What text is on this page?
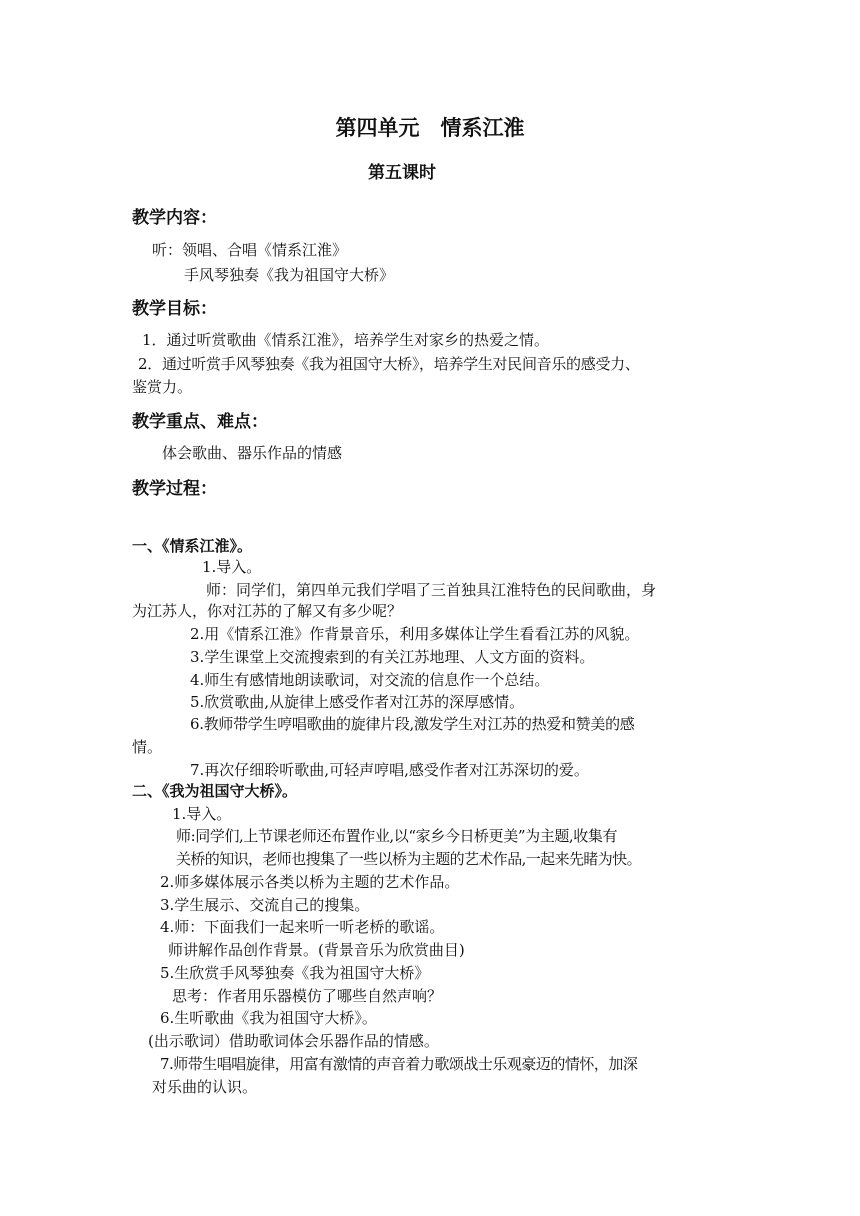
第四单元　情系江淮
第五课时
教学内容：
听：领唱、合唱《情系江淮》
手风琴独奏《我为祖国守大桥》
教学目标：
1．通过听赏歌曲《情系江淮》，培养学生对家乡的热爱之情。
2．通过听赏手风琴独奏《我为祖国守大桥》，培养学生对民间音乐的感受力、
鉴赏力。
教学重点、难点：
体会歌曲、器乐作品的情感
教学过程：
一、《情系江淮》。
1.导入。
师：同学们，第四单元我们学唱了三首独具江淮特色的民间歌曲，身
为江苏人，你对江苏的了解又有多少呢？
2.用《情系江淮》作背景音乐，利用多媒体让学生看看江苏的风貌。
3.学生课堂上交流搜索到的有关江苏地理、人文方面的资料。
4.师生有感情地朗读歌词，对交流的信息作一个总结。
5.欣赏歌曲,从旋律上感受作者对江苏的深厚感情。
6.教师带学生哼唱歌曲的旋律片段,激发学生对江苏的热爱和赞美的感
情。
7.再次仔细聆听歌曲,可轻声哼唱,感受作者对江苏深切的爱。
二、《我为祖国守大桥》。
1.导入。
师:同学们,上节课老师还布置作业,以“家乡今日桥更美”为主题,收集有
关桥的知识，老师也搜集了一些以桥为主题的艺术作品,一起来先睹为快。
2.师多媒体展示各类以桥为主题的艺术作品。
3.学生展示、交流自己的搜集。
4.师：下面我们一起来听一听老桥的歌谣。
师讲解作品创作背景。(背景音乐为欣赏曲目)
5.生欣赏手风琴独奏《我为祖国守大桥》
思考：作者用乐器模仿了哪些自然声响？
6.生听歌曲《我为祖国守大桥》。
(出示歌词）借助歌词体会乐器作品的情感。
7.师带生唱唱旋律，用富有激情的声音着力歌颂战士乐观豪迈的情怀，加深
对乐曲的认识。
